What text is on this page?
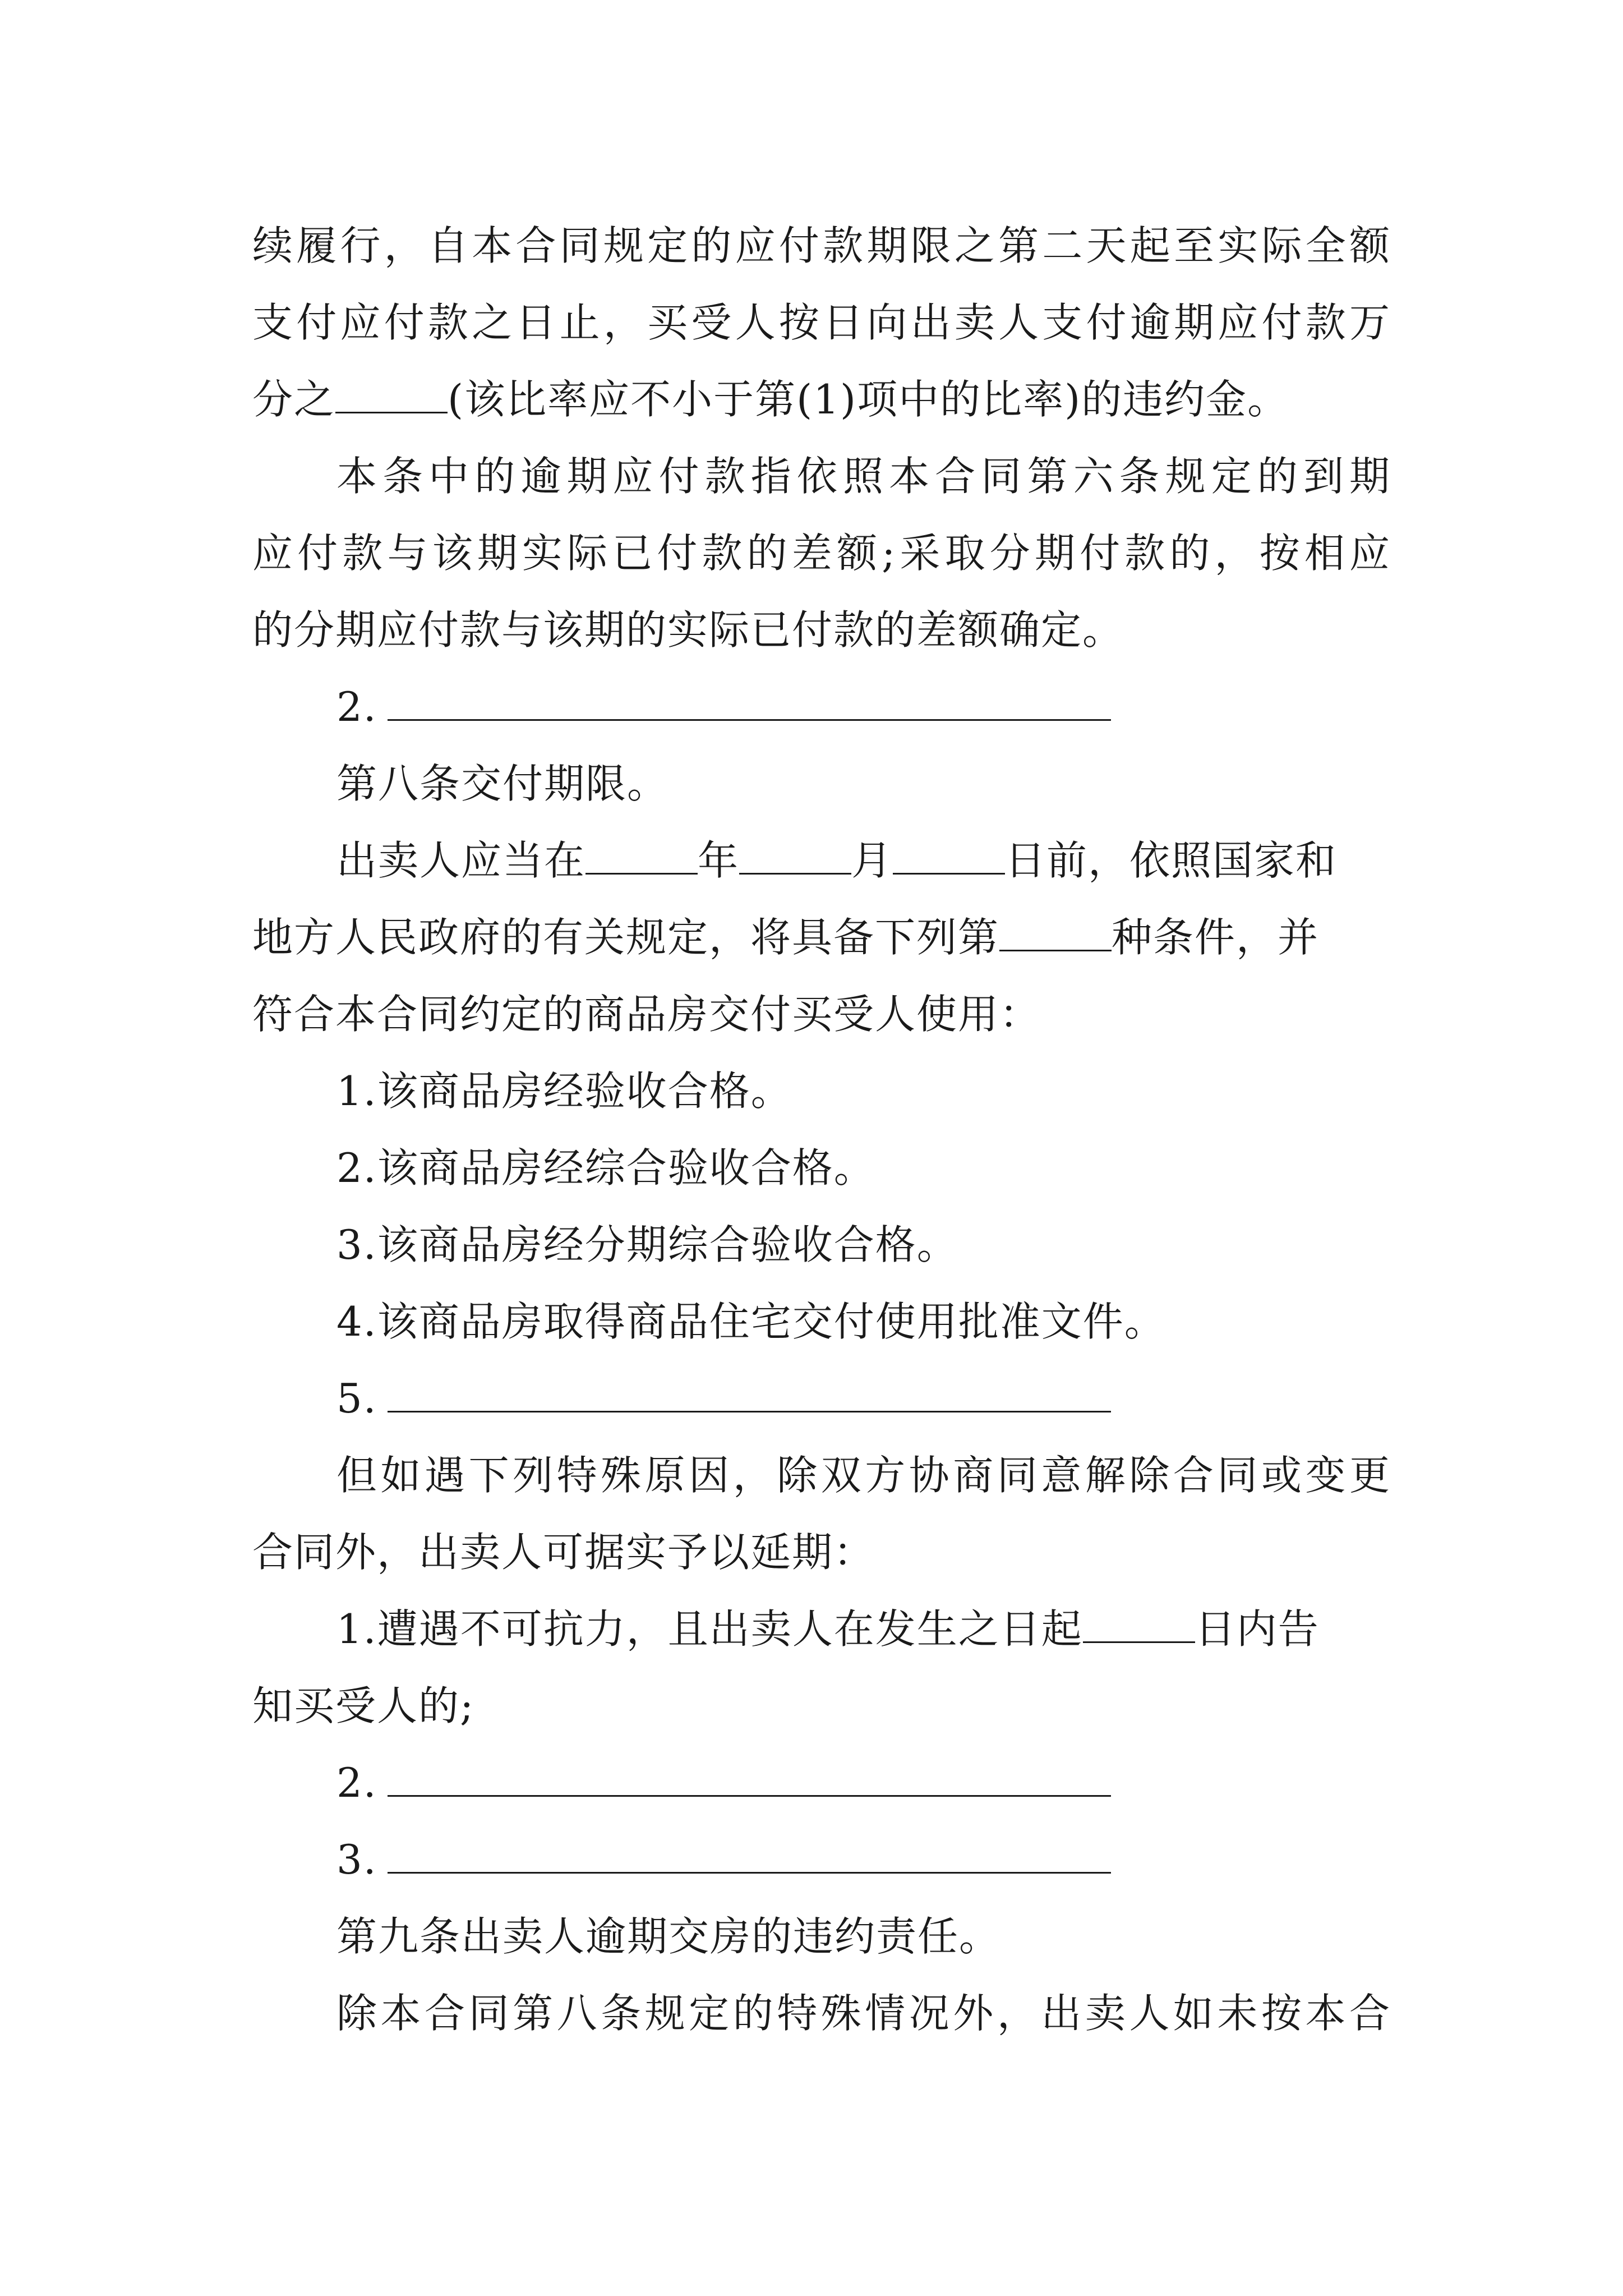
续履行，自本合同规定的应付款期限之第二天起至实际全额
支付应付款之日止，买受人按日向出卖人支付逾期应付款万
分之	(该比率应不小于第(1)项中的比率)的违约金。
本条中的逾期应付款指依照本合同第六条规定的到期
应付款与该期实际已付款的差额;采取分期付款的，按相应
的分期应付款与该期的实际已付款的差额确定。
2.
第八条交付期限。
出卖人应当在	年	月	日前，依照国家和
地方人民政府的有关规定，将具备下列第	种条件，并
符合本合同约定的商品房交付买受人使用：
1.该商品房经验收合格。
2.该商品房经综合验收合格。
3.该商品房经分期综合验收合格。
4.该商品房取得商品住宅交付使用批准文件。
5.
但如遇下列特殊原因，除双方协商同意解除合同或变更
合同外，出卖人可据实予以延期：
1.遭遇不可抗力，且出卖人在发生之日起	日内告
知买受人的;
2.
3.
第九条出卖人逾期交房的违约责任。
除本合同第八条规定的特殊情况外，出卖人如未按本合
